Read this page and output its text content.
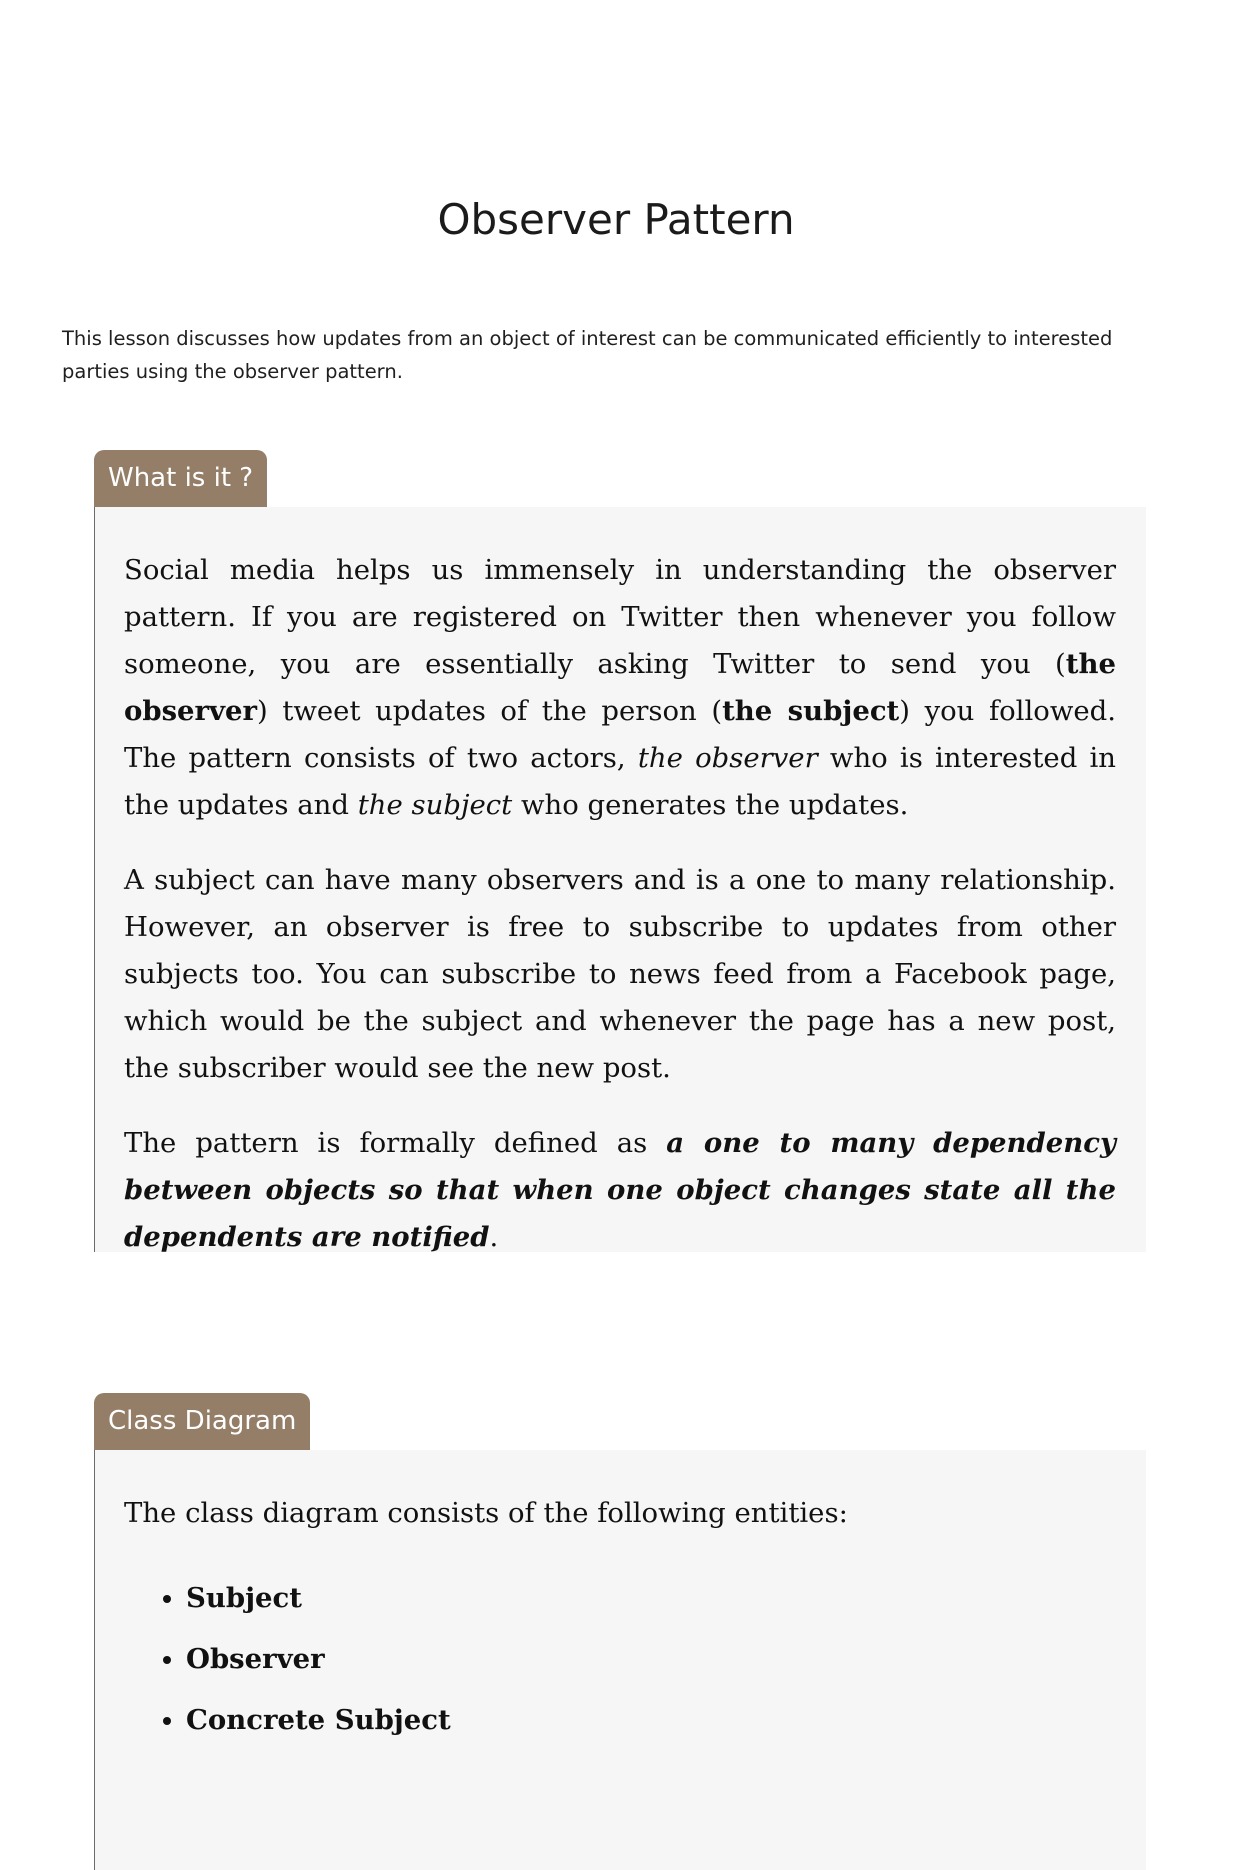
Observer Pattern

This lesson discusses how updates from an object of interest can be communicated efficiently to interested parties using the observer pattern.

What is it ?

Social media helps us immensely in understanding the observer pattern. If you are registered on Twitter then whenever you follow someone, you are essentially asking Twitter to send you (the observer) tweet updates of the person (the subject) you followed. The pattern consists of two actors, the observer who is interested in the updates and the subject who generates the updates.

A subject can have many observers and is a one to many relationship. However, an observer is free to subscribe to updates from other subjects too. You can subscribe to news feed from a Facebook page, which would be the subject and whenever the page has a new post, the subscriber would see the new post.

The pattern is formally defined as a one to many dependency between objects so that when one object changes state all the dependents are notified.

Class Diagram

The class diagram consists of the following entities:

• Subject
• Observer
• Concrete Subject
